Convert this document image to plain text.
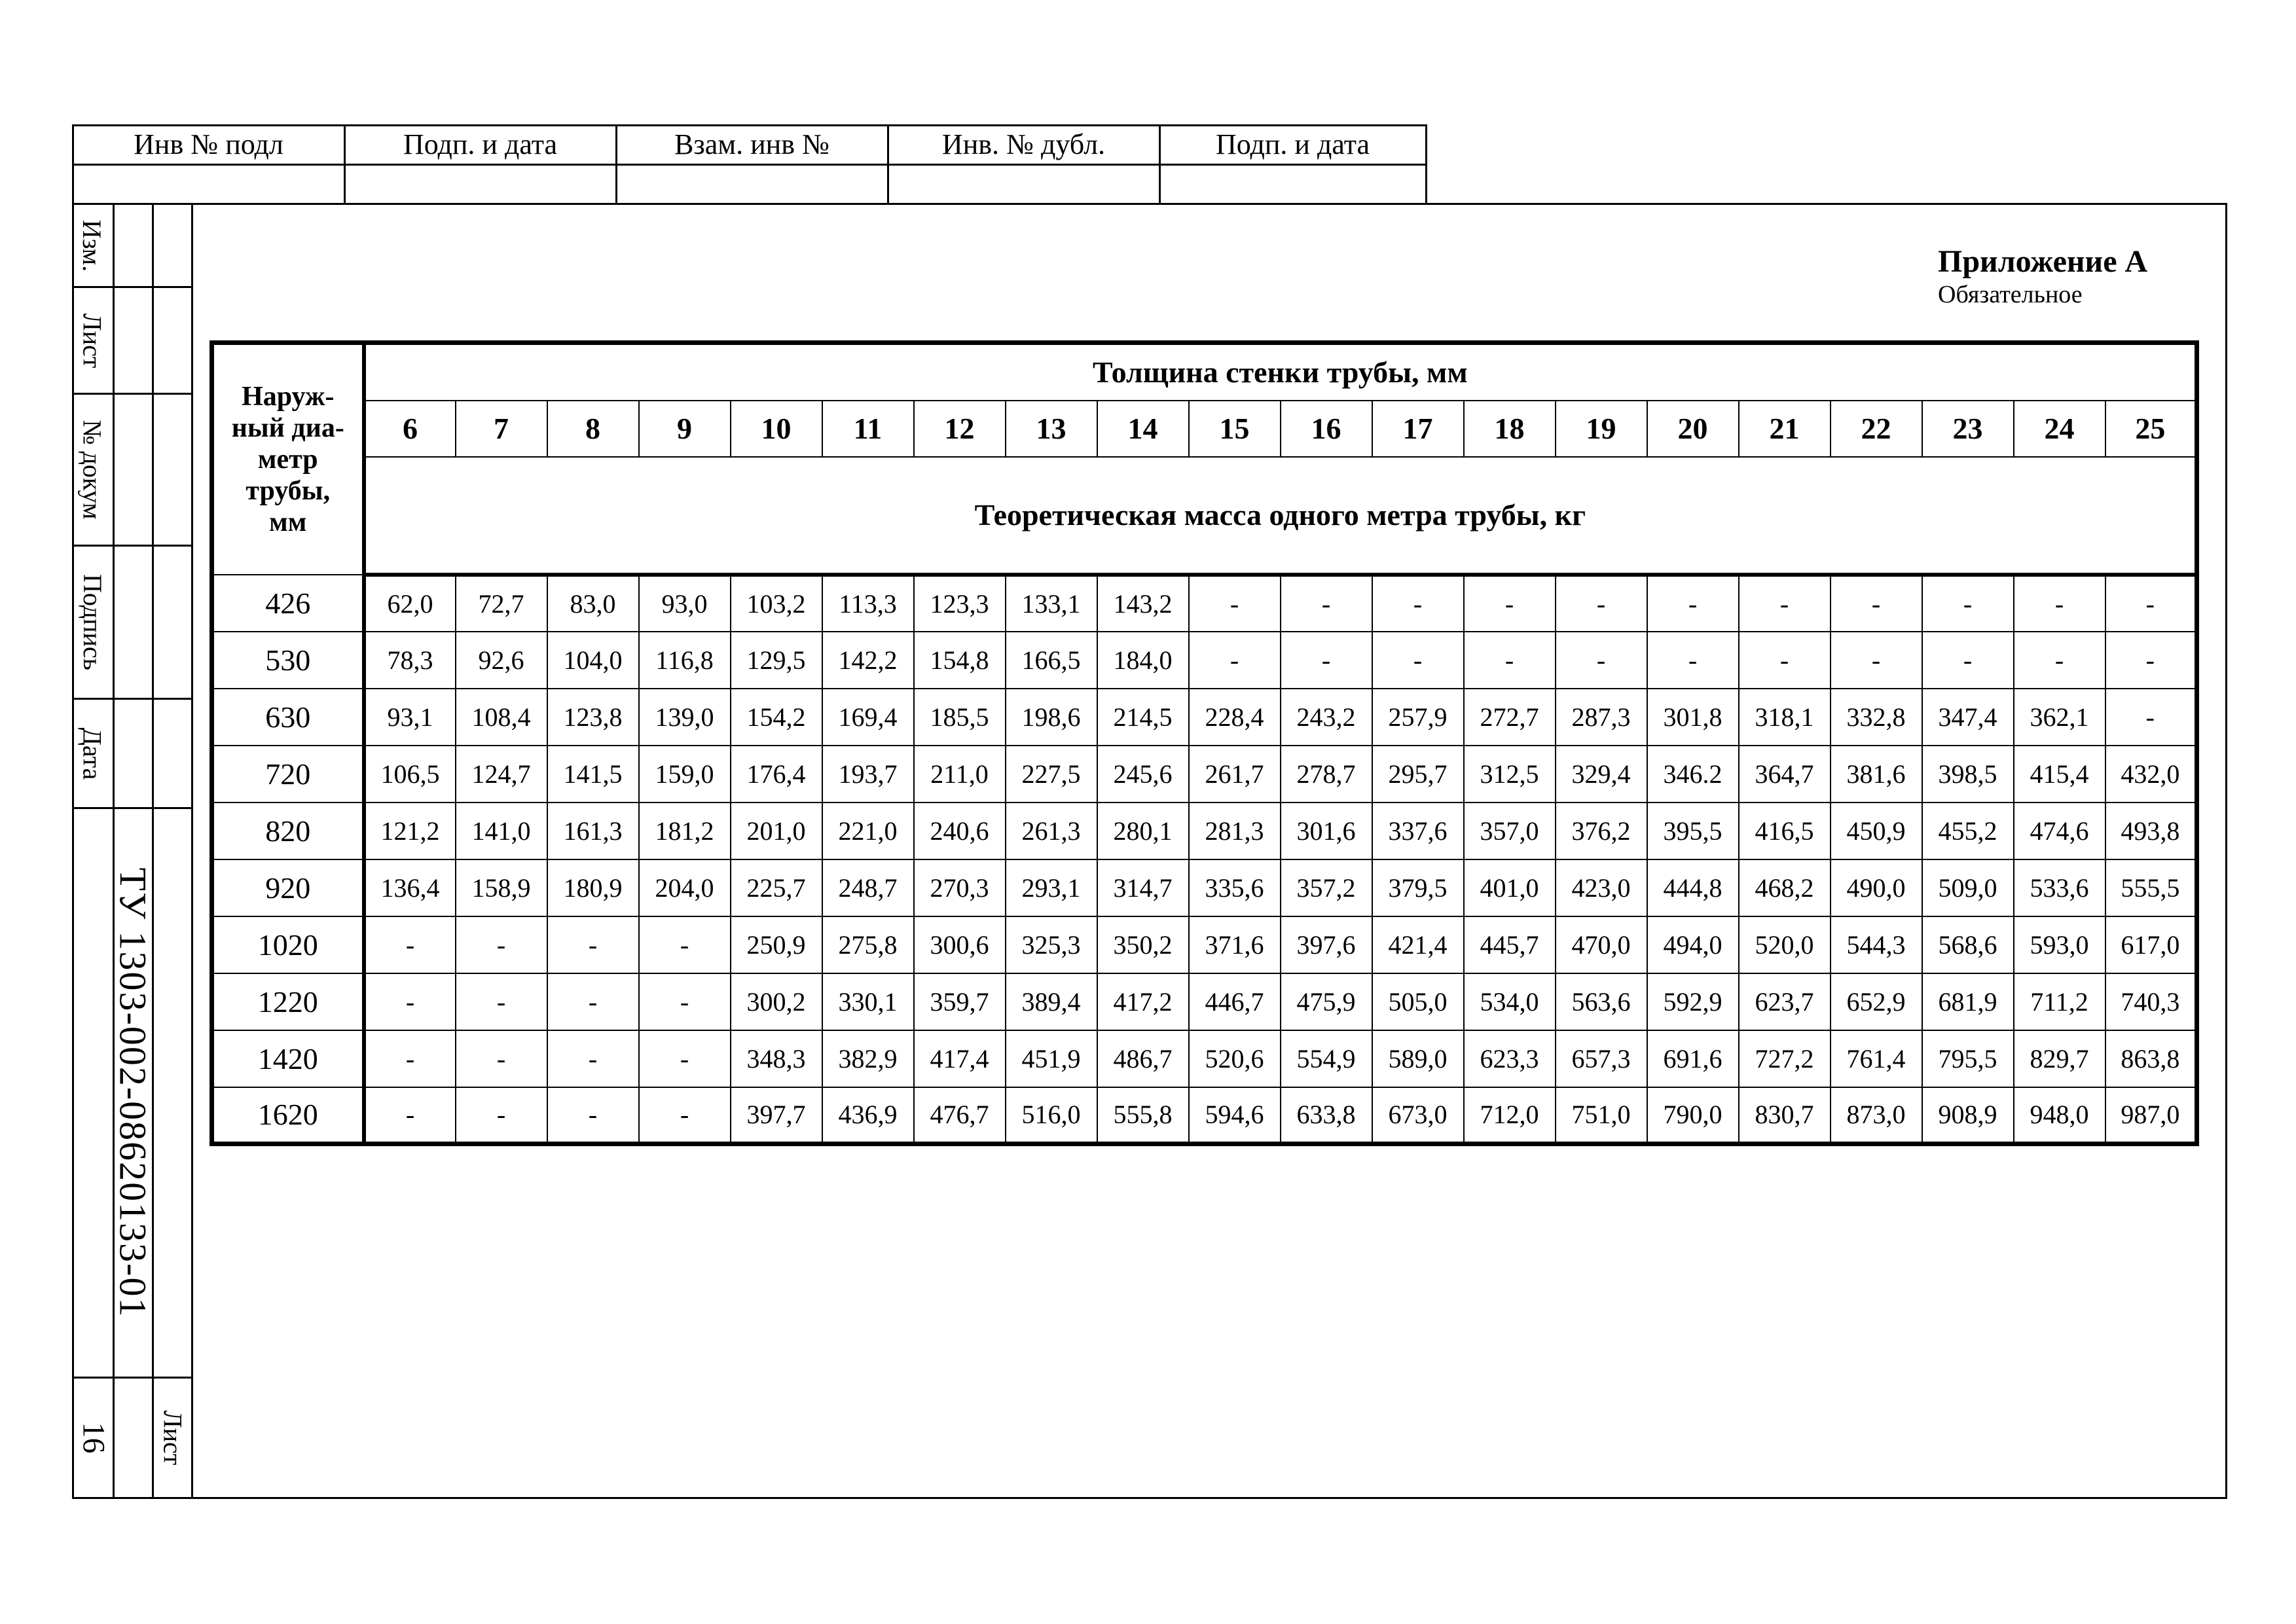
Инв № подл	Подп. и дата	Взам. инв №	Инв. № дубл.	Подп. и дата
Изм.
Лист
№ докум
Подпись
Дата
ТУ 1303-002-08620133-01
16 Лист
Приложение А
Обязательное
Наруж-
ный диа-
метр
трубы,
мм	Толщина стенки трубы, мм																			
	6	7	8	9	10	11	12	13	14	15	16	17	18	19	20	21	22	23	24	25
	Теоретическая масса одного метра трубы, кг																			
426	62,0	72,7	83,0	93,0	103,2	113,3	123,3	133,1	143,2	-	-	-	-	-	-	-	-	-	-	-
530	78,3	92,6	104,0	116,8	129,5	142,2	154,8	166,5	184,0	-	-	-	-	-	-	-	-	-	-	-
630	93,1	108,4	123,8	139,0	154,2	169,4	185,5	198,6	214,5	228,4	243,2	257,9	272,7	287,3	301,8	318,1	332,8	347,4	362,1	-
720	106,5	124,7	141,5	159,0	176,4	193,7	211,0	227,5	245,6	261,7	278,7	295,7	312,5	329,4	346.2	364,7	381,6	398,5	415,4	432,0
820	121,2	141,0	161,3	181,2	201,0	221,0	240,6	261,3	280,1	281,3	301,6	337,6	357,0	376,2	395,5	416,5	450,9	455,2	474,6	493,8
920	136,4	158,9	180,9	204,0	225,7	248,7	270,3	293,1	314,7	335,6	357,2	379,5	401,0	423,0	444,8	468,2	490,0	509,0	533,6	555,5
1020	-	-	-	-	250,9	275,8	300,6	325,3	350,2	371,6	397,6	421,4	445,7	470,0	494,0	520,0	544,3	568,6	593,0	617,0
1220	-	-	-	-	300,2	330,1	359,7	389,4	417,2	446,7	475,9	505,0	534,0	563,6	592,9	623,7	652,9	681,9	711,2	740,3
1420	-	-	-	-	348,3	382,9	417,4	451,9	486,7	520,6	554,9	589,0	623,3	657,3	691,6	727,2	761,4	795,5	829,7	863,8
1620	-	-	-	-	397,7	436,9	476,7	516,0	555,8	594,6	633,8	673,0	712,0	751,0	790,0	830,7	873,0	908,9	948,0	987,0
